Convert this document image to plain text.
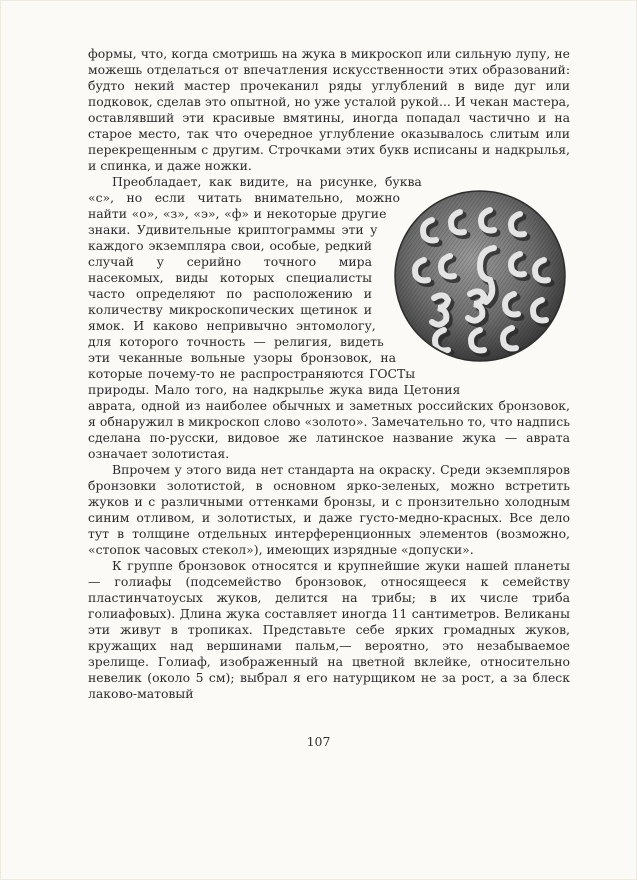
формы, что, когда смотришь на жука в микроскоп или сильную лупу, не можешь отделаться от впечатления искусственности этих образований: будто некий мастер прочеканил ряды углублений в виде дуг или подковок, сделав это опытной, но уже усталой рукой... И чекан мастера, оставлявший эти красивые вмятины, иногда попадал частично и на старое место, так что очередное углубление оказывалось слитым или перекрещенным с другим. Строчками этих букв исписаны и надкрылья, и спинка, и даже ножки.

Преобладает, как видите, на рисунке, буква «с», но если читать внимательно, можно найти «о», «з», «э», «ф» и некоторые другие знаки. Удивительные криптограммы эти у каждого экземпляра свои, особые, редкий случай у серийно точного мира насекомых, виды которых специалисты часто определяют по расположению и количеству микроскопических щетинок и ямок. И каково непривычно энтомологу, для которого точность — религия, видеть эти чеканные вольные узоры бронзовок, на которые почему-то не распространяются ГОСТы природы. Мало того, на надкрылье жука вида Цетония аврата, одной из наиболее обычных и заметных российских бронзовок, я обнаружил в микроскоп слово «золото». Замечательно то, что надпись сделана по-русски, видовое же латинское название жука — аврата означает золотистая.

Впрочем у этого вида нет стандарта на окраску. Среди экземпляров бронзовки золотистой, в основном ярко-зеленых, можно встретить жуков и с различными оттенками бронзы, и с пронзительно холодным синим отливом, и золотистых, и даже густо-медно-красных. Все дело тут в толщине отдельных интерференционных элементов (возможно, «стопок часовых стекол»), имеющих изрядные «допуски».

К группе бронзовок относятся и крупнейшие жуки нашей планеты — голиафы (подсемейство бронзовок, относящееся к семейству пластинчатоусых жуков, делится на трибы; в их числе триба голиафовых). Длина жука составляет иногда 11 сантиметров. Великаны эти живут в тропиках. Представьте себе ярких громадных жуков, кружащих над вершинами пальм,— вероятно, это незабываемое зрелище. Голиаф, изображенный на цветной вклейке, относительно невелик (около 5 см); выбрал я его натурщиком не за рост, а за блеск лаково-матовый

107
